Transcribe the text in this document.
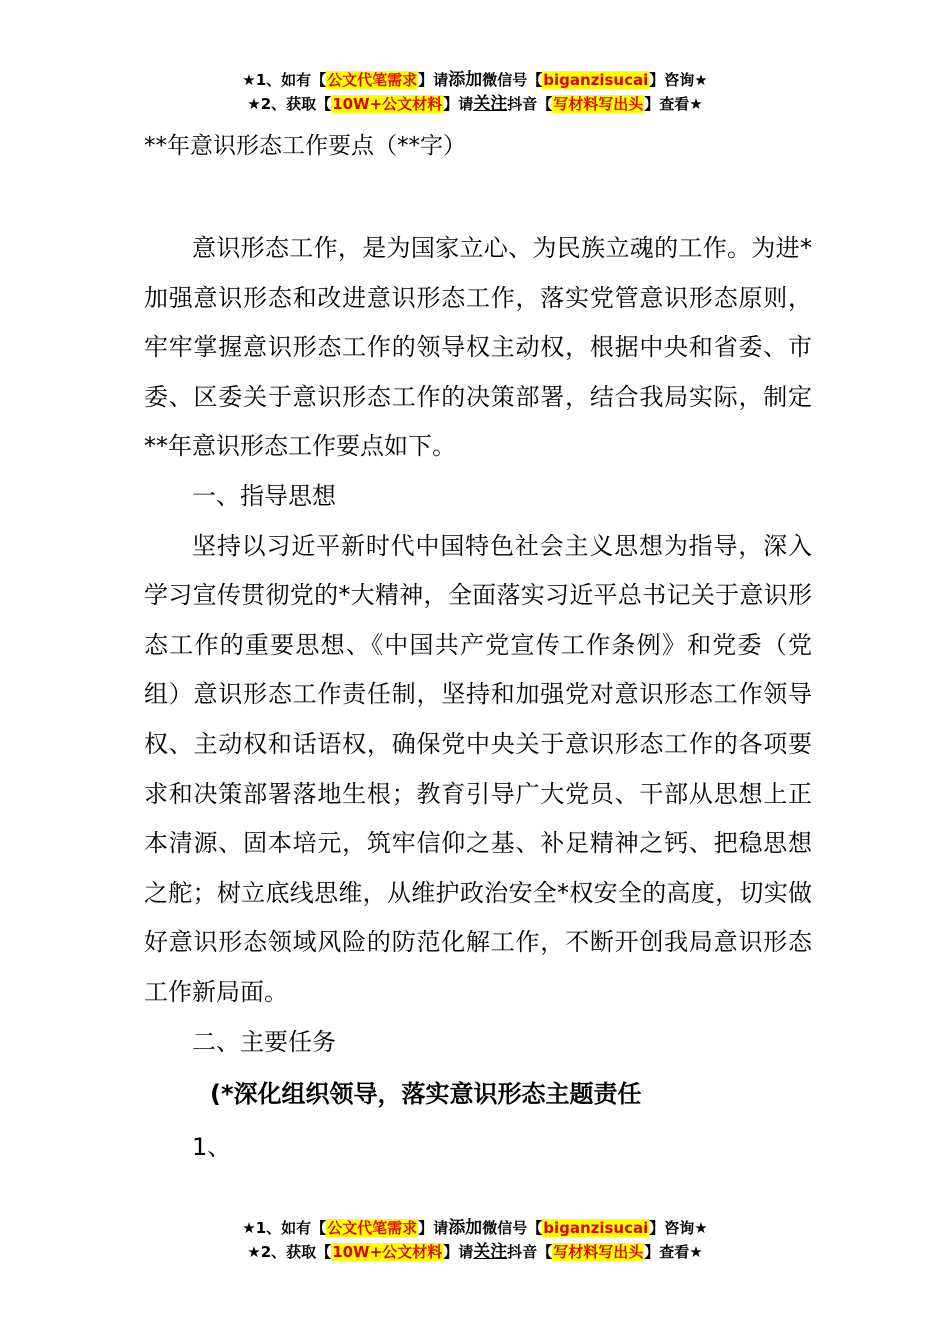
★1、如有【公文代笔需求】请添加微信号【biganzisucai】咨询★
★2、获取【10W+公文材料】请关注抖音【写材料写出头】查看★
**年意识形态工作要点（**字）

意识形态工作，是为国家立心、为民族立魂的工作。为进*加强意识形态和改进意识形态工作，落实党管意识形态原则，牢牢掌握意识形态工作的领导权主动权，根据中央和省委、市委、区委关于意识形态工作的决策部署，结合我局实际，制定**年意识形态工作要点如下。

一、指导思想

坚持以习近平新时代中国特色社会主义思想为指导，深入学习宣传贯彻党的*大精神，全面落实习近平总书记关于意识形态工作的重要思想、《中国共产党宣传工作条例》和党委（党组）意识形态工作责任制，坚持和加强党对意识形态工作领导权、主动权和话语权，确保党中央关于意识形态工作的各项要求和决策部署落地生根；教育引导广大党员、干部从思想上正本清源、固本培元，筑牢信仰之基、补足精神之钙、把稳思想之舵；树立底线思维，从维护政治安全*权安全的高度，切实做好意识形态领域风险的防范化解工作，不断开创我局意识形态工作新局面。

二、主要任务

(*深化组织领导，落实意识形态主题责任

1、

★1、如有【公文代笔需求】请添加微信号【biganzisucai】咨询★
★2、获取【10W+公文材料】请关注抖音【写材料写出头】查看★
